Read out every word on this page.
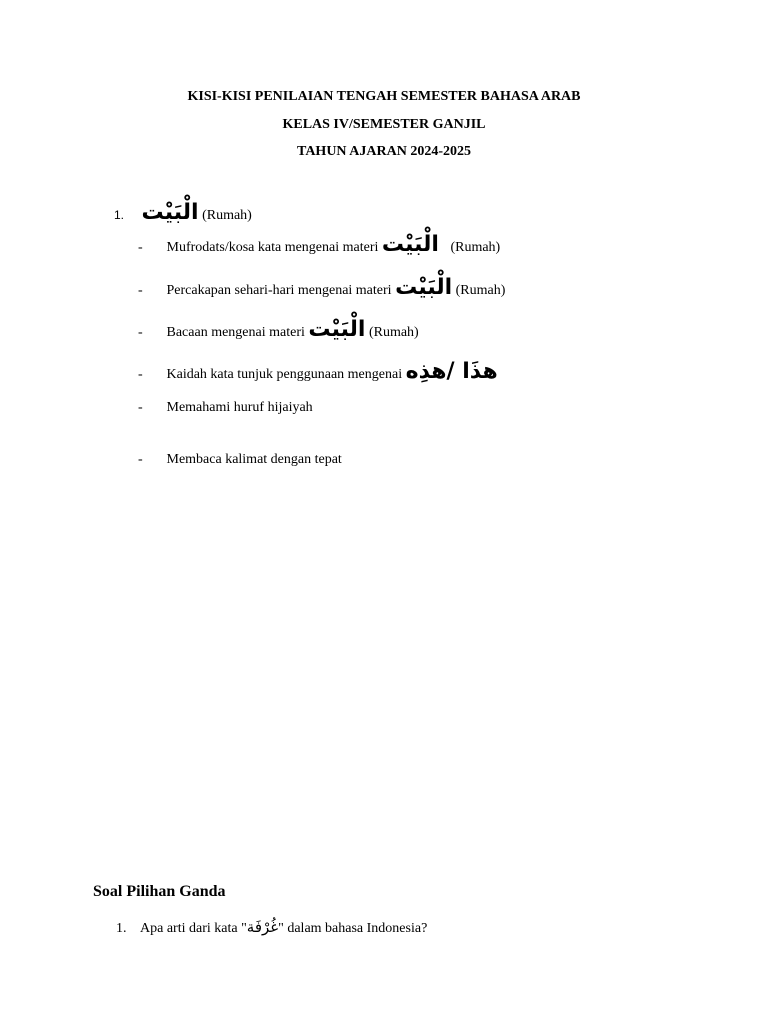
KISI-KISI PENILAIAN TENGAH SEMESTER BAHASA ARAB
KELAS IV/SEMESTER GANJIL
TAHUN AJARAN 2024-2025
1. الْبَيْت (Rumah)
- Mufrodats/kosa kata mengenai materi الْبَيْت (Rumah)
- Percakapan sehari-hari mengenai materi الْبَيْت (Rumah)
- Bacaan mengenai materi الْبَيْت (Rumah)
- Kaidah kata tunjuk penggunaan mengenai هذَا /هذِه
- Memahami huruf hijaiyah
- Membaca kalimat dengan tepat
Soal Pilihan Ganda
1. Apa arti dari kata "غُرْفَة" dalam bahasa Indonesia?
